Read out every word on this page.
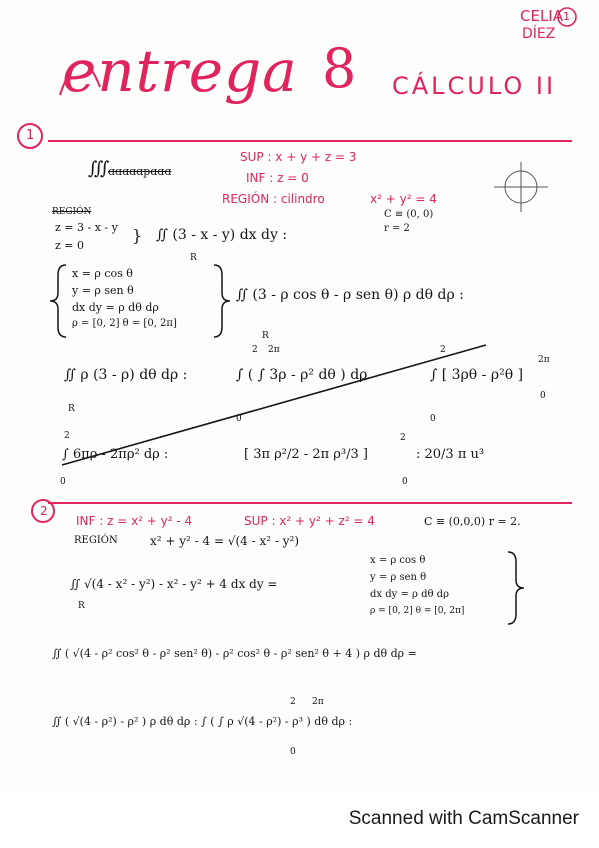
CELIA 1
DÍEZ
entrega 8 CÁLCULO II
1
∭
ɑɑɑɑɑpɑɑɑ
SUP : x + y + z = 3
INF : z = 0
REGIÓN : cilindro	x² + y² = 4
C ≡ (0, 0)
r = 2
REGIÓN
z = 3 - x - y
z = 0
} ∬ (3 - x - y) dx dy :
R
x = ρ cos θ
y = ρ sen θ
dx dy = ρ dθ dρ
ρ = [0, 2] θ = [0, 2π]
∬ (3 - ρ cos θ - ρ sen θ) ρ dθ dρ :
R
∬ ρ (3 - ρ) dθ dρ :
R
∫ ( ∫ 3ρ - ρ² dθ ) dρ
2 2π
0
∫ [ 3ρθ - ρ²θ ]
2π
0
2
0
∫ 6πρ - 2πρ² dρ :
2
0
[ 3π ρ²/2 - 2π ρ³/3 ]
2
0
: 20/3 π u³
2
INF : z = x² + y² - 4	SUP : x² + y² + z² = 4	C ≡ (0,0,0) r = 2.
REGIÓN	x² + y² - 4 = √(4 - x² - y²)
∬ √(4 - x² - y²) - x² - y² + 4 dx dy =
R
x = ρ cos θ
y = ρ sen θ
dx dy = ρ dθ dρ
ρ = [0, 2] θ = [0, 2π]
∬ ( √(4 - ρ² cos² θ - ρ² sen² θ) - ρ² cos² θ - ρ² sen² θ + 4 ) ρ dθ dρ =
∬ ( √(4 - ρ²) - ρ² ) ρ dθ dρ : ∫ ( ∫ ρ √(4 - ρ²) - ρ³ ) dθ dρ :
2 2π
0
Scanned with CamScanner
